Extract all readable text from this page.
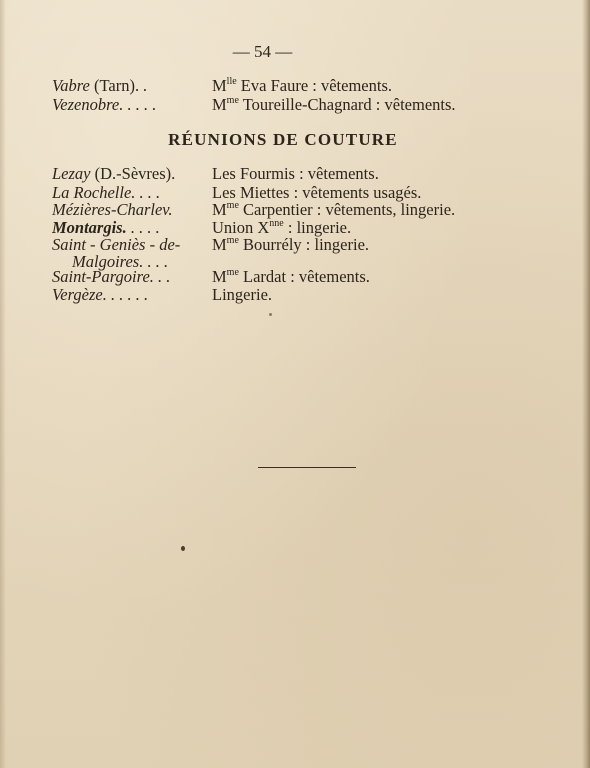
— 54 —
Vabre (Tarn). .	$M^{lle}$ Eva Faure : vêtements.
Vezenobre. . . . .	$M^{me}$ Toureille-Chagnard : vêtements.
RÉUNIONS DE COUTURE
Lezay (D.-Sèvres).	Les Fourmis : vêtements.
La Rochelle. . . .	Les Miettes : vêtements usagés.
Mézières-Charlev.	$M^{me}$ Carpentier : vêtements, lingerie.
Montargis. . . . .	Union $X^{nne}$ : lingerie.
Saint - Geniès - de-	$M^{me}$ Bourrély : lingerie.
Malgoires. . . .
Saint-Pargoire. . .	$M^{me}$ Lardat : vêtements.
Vergèze. . . . . .	Lingerie.
